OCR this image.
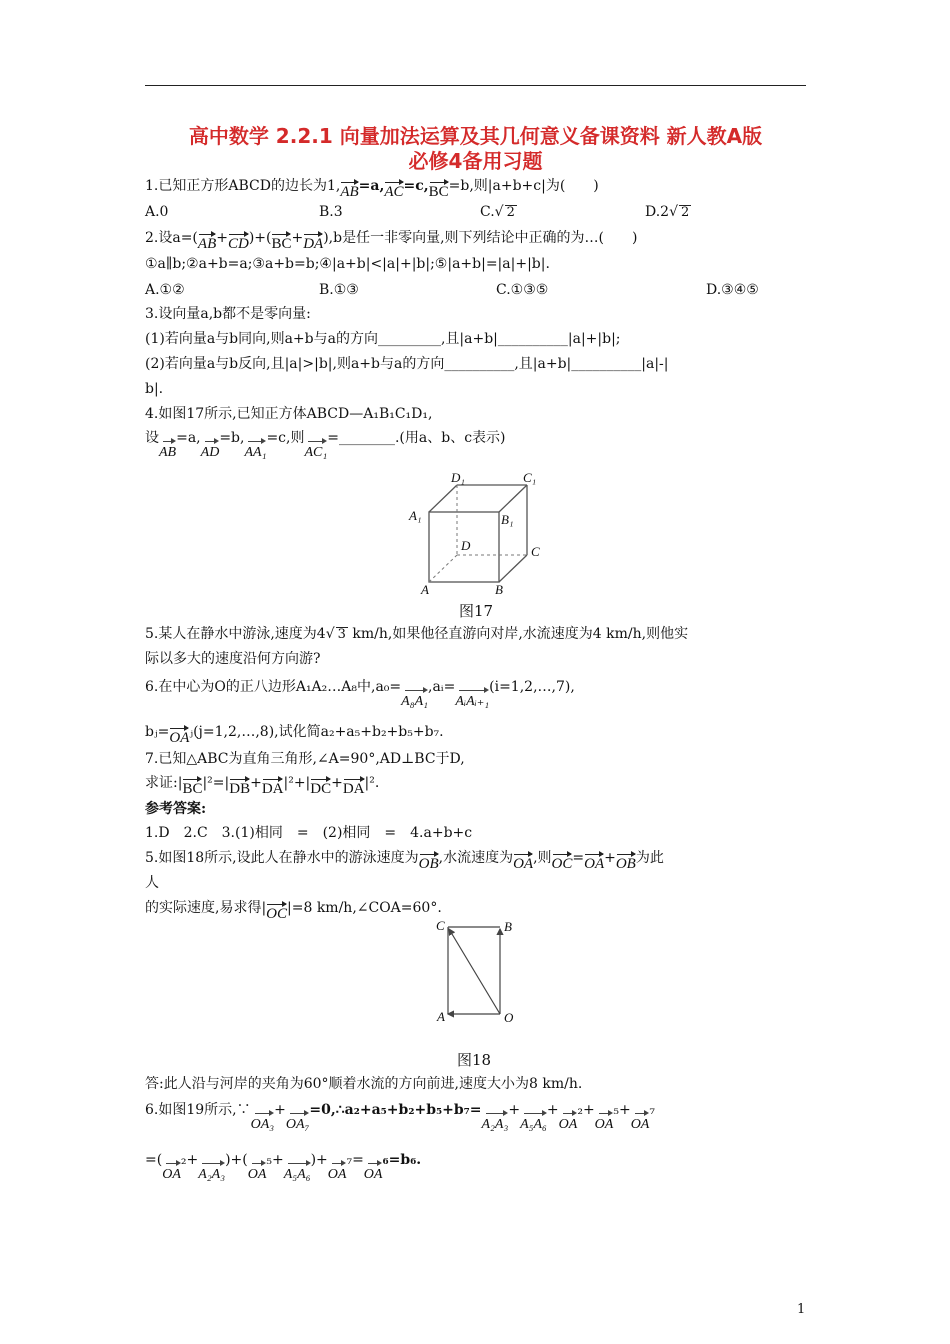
高中数学 2.2.1 向量加法运算及其几何意义备课资料 新人教A版
必修4备用习题
1.已知正方形ABCD的边长为1,AB=a,AC=c,BC=b,则|a+b+c|为(　　)
A.0	B.3	C.√ 2	D.2√ 2
2.设a=(AB+CD)+(BC+DA),b是任一非零向量,则下列结论中正确的为…(　　)
①a∥b;②a+b=a;③a+b=b;④|a+b|<|a|+|b|;⑤|a+b|=|a|+|b|.
A.①②	B.①③	C.①③⑤	D.③④⑤
3.设向量a,b都不是零向量:
(1)若向量a与b同向,则a+b与a的方向_________,且|a+b|__________|a|+|b|;
(2)若向量a与b反向,且|a|>|b|,则a+b与a的方向__________,且|a+b|__________|a|-|
b|.
4.如图17所示,已知正方体ABCD—A₁B₁C₁D₁,
设AB=a,AD=b,AA₁=c,则AC₁=________.(用a、b、c表示)
A	B
C
D
A₁	B₁
C₁
D₁
图17
5.某人在静水中游泳,速度为4√ 3 km/h,如果他径直游向对岸,水流速度为4 km/h,则他实
际以多大的速度沿何方向游?
6.在中心为O的正八边形A₁A₂…A₈中,a₀=A₈A₁,aᵢ=AᵢAᵢ₊₁(i=1,2,…,7),
bⱼ=OAⱼ(j=1,2,…,8),试化简a₂+a₅+b₂+b₅+b₇.
7.已知△ABC为直角三角形,∠A=90°,AD⊥BC于D,
求证:|BC|²=|DB+DA|²+|DC+DA|².
参考答案:
1.D　2.C　3.(1)相同　=　(2)相同　=　4.a+b+c
5.如图18所示,设此人在静水中的游泳速度为OB,水流速度为OA,则OC=OA+OB为此
人
的实际速度,易求得|OC|=8 km/h,∠COA=60°.
C	B
A	O
图18
答:此人沿与河岸的夹角为60°顺着水流的方向前进,速度大小为8 km/h.
6.如图19所示,∵OA₃+OA₇=0,∴a₂+a₅+b₂+b₅+b₇=A₂A₃+A₅A₆+OA₂+OA₅+OA₇
=(OA₂+A₂A₃)+(OA₅+A₅A₆)+OA₇=OA₆=b₆.
1
